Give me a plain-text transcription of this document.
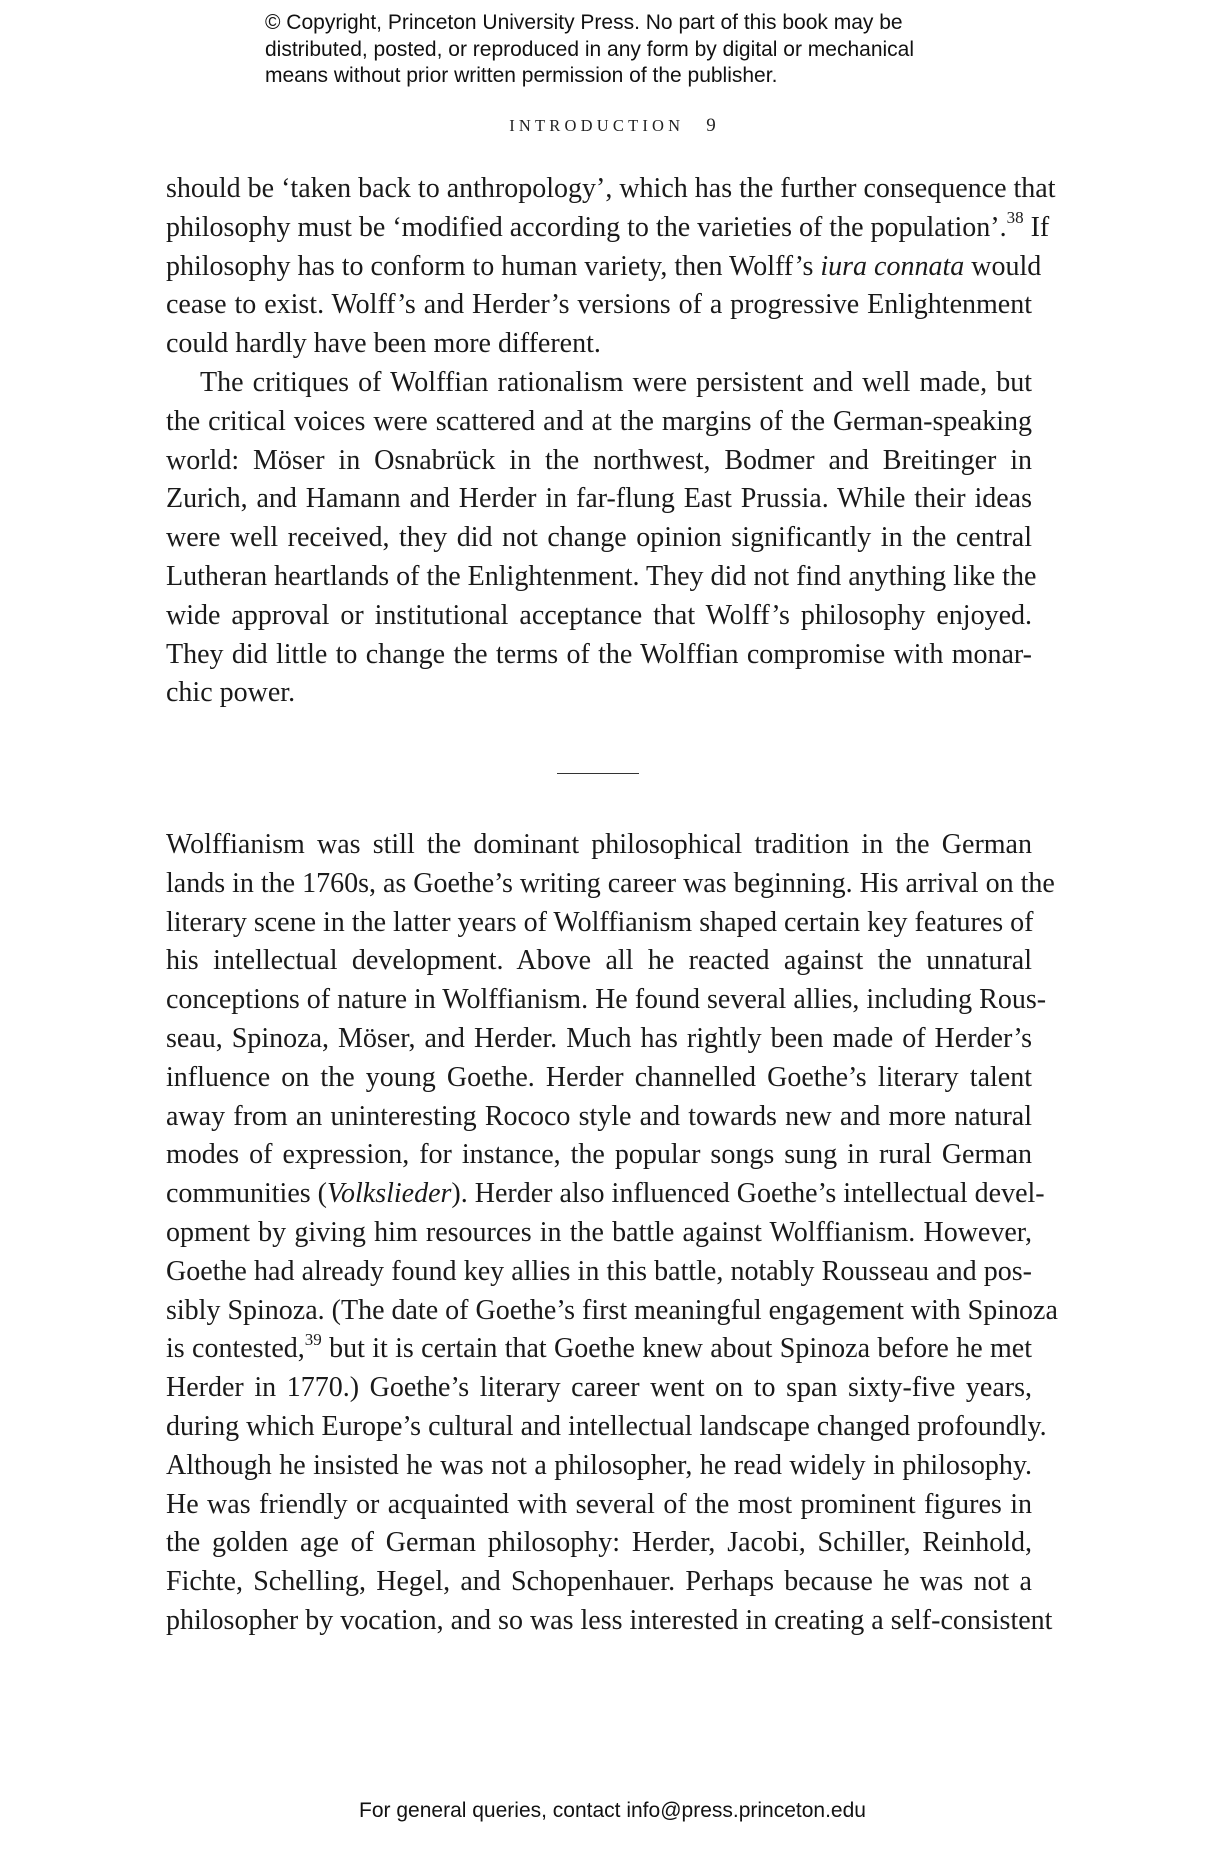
© Copyright, Princeton University Press. No part of this book may be
distributed, posted, or reproduced in any form by digital or mechanical
means without prior written permission of the publisher.
INTRODUCTION 9
should be ‘taken back to anthropology’, which has the further consequence that
philosophy must be ‘modified according to the varieties of the population’.$^{38}$ If
philosophy has to conform to human variety, then Wolff’s iura connata would
cease to exist. Wolff’s and Herder’s versions of a progressive Enlightenment
could hardly have been more different.
The critiques of Wolffian rationalism were persistent and well made, but
the critical voices were scattered and at the margins of the German-speaking
world: Möser in Osnabrück in the northwest, Bodmer and Breitinger in
Zurich, and Hamann and Herder in far-flung East Prussia. While their ideas
were well received, they did not change opinion significantly in the central
Lutheran heartlands of the Enlightenment. They did not find anything like the
wide approval or institutional acceptance that Wolff’s philosophy enjoyed.
They did little to change the terms of the Wolffian compromise with monar-
chic power.
Wolffianism was still the dominant philosophical tradition in the German
lands in the 1760s, as Goethe’s writing career was beginning. His arrival on the
literary scene in the latter years of Wolffianism shaped certain key features of
his intellectual development. Above all he reacted against the unnatural
conceptions of nature in Wolffianism. He found several allies, including Rous-
seau, Spinoza, Möser, and Herder. Much has rightly been made of Herder’s
influence on the young Goethe. Herder channelled Goethe’s literary talent
away from an uninteresting Rococo style and towards new and more natural
modes of expression, for instance, the popular songs sung in rural German
communities (Volkslieder). Herder also influenced Goethe’s intellectual devel-
opment by giving him resources in the battle against Wolffianism. However,
Goethe had already found key allies in this battle, notably Rousseau and pos-
sibly Spinoza. (The date of Goethe’s first meaningful engagement with Spinoza
is contested,$^{39}$ but it is certain that Goethe knew about Spinoza before he met
Herder in 1770.) Goethe’s literary career went on to span sixty-five years,
during which Europe’s cultural and intellectual landscape changed profoundly.
Although he insisted he was not a philosopher, he read widely in philosophy.
He was friendly or acquainted with several of the most prominent figures in
the golden age of German philosophy: Herder, Jacobi, Schiller, Reinhold,
Fichte, Schelling, Hegel, and Schopenhauer. Perhaps because he was not a
philosopher by vocation, and so was less interested in creating a self-consistent
For general queries, contact info@press.princeton.edu
